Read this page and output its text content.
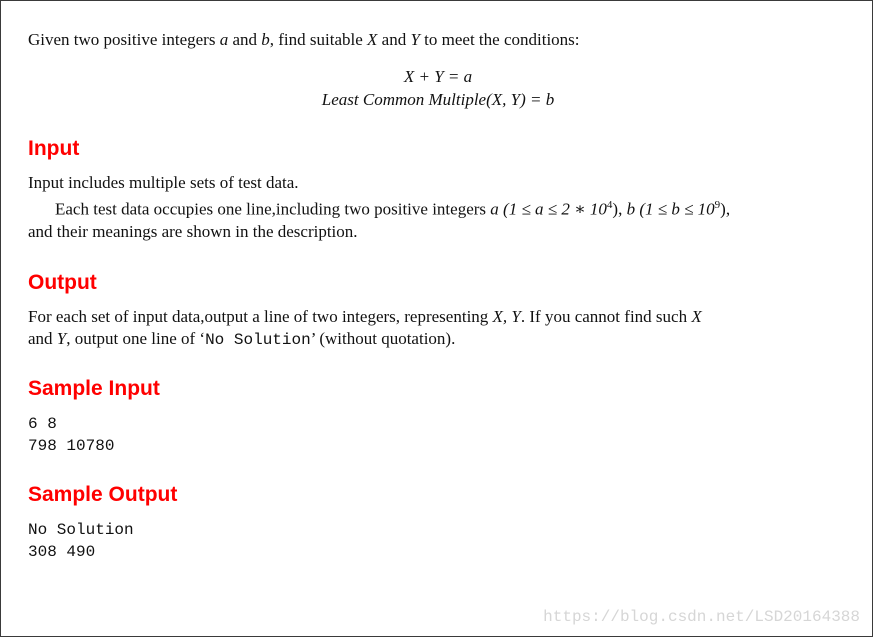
Given two positive integers a and b, find suitable X and Y to meet the conditions:

X + Y = a
Least Common Multiple(X, Y) = b
Input

Input includes multiple sets of test data.

Each test data occupies one line,including two positive integers a (1 ≤ a ≤ 2 ∗ $10^4$), b $(1 \le b \le 10^9)$,

and their meanings are shown in the description.

Output

For each set of input data,output a line of two integers, representing X, Y. If you cannot find such X

and Y, output one line of ‘No Solution’ (without quotation).

Sample Input
6 8
798 10780
Sample Output
No Solution
308 490
https://blog.csdn.net/LSD20164388
